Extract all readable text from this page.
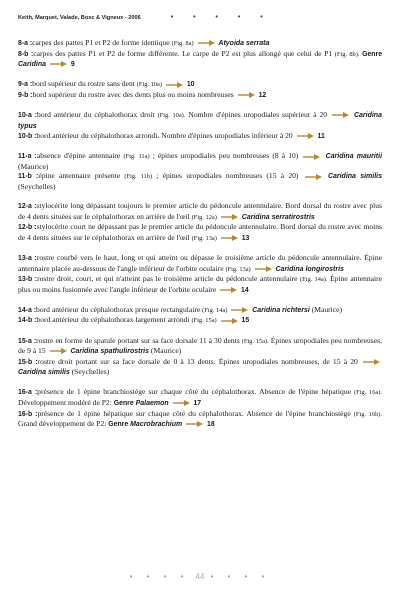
Keith, Marquet, Valade, Bosc & Vigneux - 2006	• • • • •

8-a :carpes des pattes P1 et P2 de forme identique (Fig. 8a)	Atyoida serrata

8-b :carpes des pattes P1 et P2 de forme différente. Le carpe de P2 est plus allongé que celui de P1 (Fig. 8b). Genre Caridina	9

9-a :bord supérieur du rostre sans dent (Fig. 10a)	10

9-b :bord supérieur du rostre avec des dents plus ou moins nombreuses	12

10-a :bord antérieur du céphalothorax droit (Fig. 10a). Nombre d'épines uropodiales supérieur à 20	Caridina typus

10-b :bord antérieur du céphalothorax arrondi. Nombre d'épines uropodiales inférieur à 20	11

11-a :absence d'épine antennaire (Fig. 11a) ; épines uropodiales peu nombreuses (8 à 10)	Caridina mauritii (Maurice)

11-b :épine antennaire présente (Fig. 11b) ; épines uropodiales nombreuses (15 à 20)	Caridina similis (Seychelles)

12-a :stylocérite long dépassant toujours le premier article du pédoncule antennulaire. Bord dorsal du rostre avec plus de 4 dents situées sur le céphalothorax en arrière de l'œil (Fig. 12a)	Caridina serratirostris

12-b :stylocérite court ne dépassant pas le premier article du pédoncule antennulaire. Bord dorsal du rostre avec moins de 4 dents situées sur le céphalothorax en arrière de l'œil (Fig. 13a)	13

13-a :rostre courbé vers le haut, long et qui atteint ou dépasse le troisième article du pédoncule antennulaire. Épine antennaire placée au-dessous de l'angle inférieur de l'orbite oculaire (Fig. 13a)	Caridina longirostris

13-b :rostre droit, court, et qui n'atteint pas le troisième article du pédoncule antennulaire (Fig. 14a). Épine antennaire plus ou moins fusionnée avec l'angle inférieur de l'orbite oculaire	14

14-a :bord antérieur du céphalothorax presque rectangulaire (Fig. 14a)	Caridina richtersi (Maurice)

14-b :bord antérieur du céphalothorax largement arrondi (Fig. 15a)	15

15-a :rostre en forme de spatule portant sur sa face dorsale 11 à 30 dents (Fig. 15a). Épines uropodiales peu nombreuses, de 9 à 15	Caridina spathulirostris (Maurice)

15-b :rostre droit portant sur sa face dorsale de 0 à 13 dents. Épines uropodiales nombreuses, de 15 à 20  Caridina similis (Seychelles)

16-a :présence de 1 épine branchiostège sur chaque côté du céphalothorax. Absence de l'épine hépatique (Fig. 16a). Développement modéré de P2: Genre Palaemon	17

16-b :présence de 1 épine hépatique sur chaque côté du céphalothorax. Absence de l'épine branchiostège (Fig. 16b). Grand développement de P2: Genre Macrobrachium	18

• • • • 44 • • • •
